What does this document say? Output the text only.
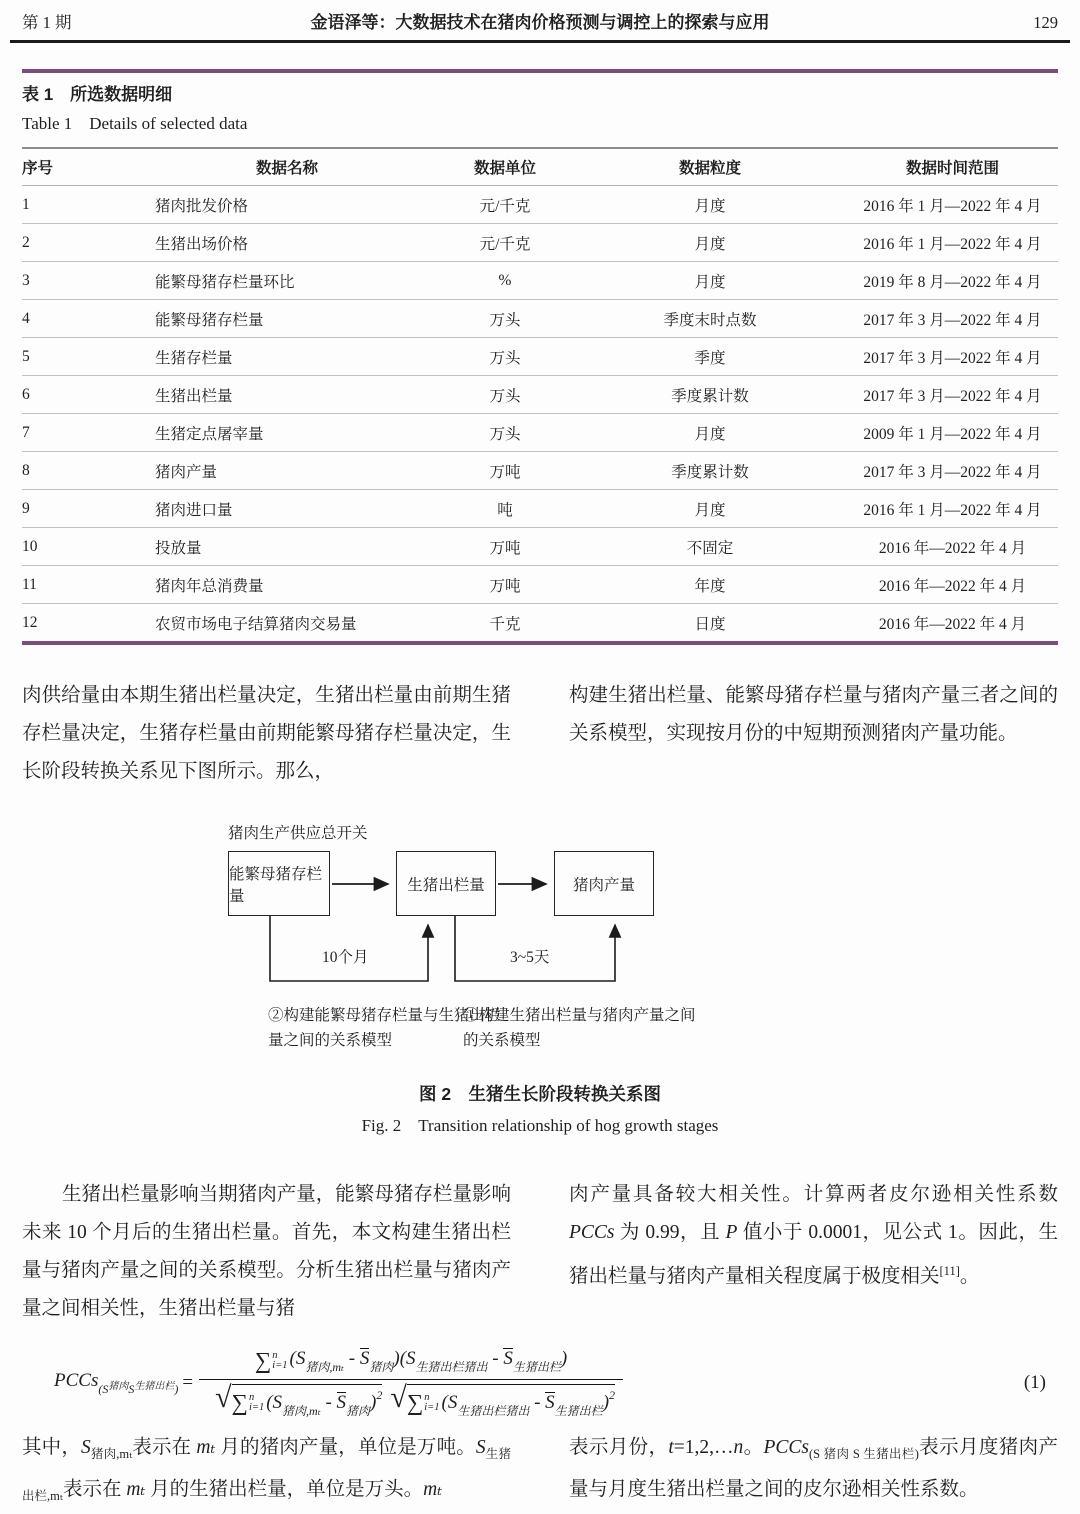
第 1 期	金语泽等：大数据技术在猪肉价格预测与调控上的探索与应用	129
表 1　所选数据明细
Table 1　Details of selected data
序号	数据名称	数据单位	数据粒度	数据时间范围
1	猪肉批发价格	元/千克	月度	2016 年 1 月—2022 年 4 月
2	生猪出场价格	元/千克	月度	2016 年 1 月—2022 年 4 月
3	能繁母猪存栏量环比	%	月度	2019 年 8 月—2022 年 4 月
4	能繁母猪存栏量	万头	季度末时点数	2017 年 3 月—2022 年 4 月
5	生猪存栏量	万头	季度	2017 年 3 月—2022 年 4 月
6	生猪出栏量	万头	季度累计数	2017 年 3 月—2022 年 4 月
7	生猪定点屠宰量	万头	月度	2009 年 1 月—2022 年 4 月
8	猪肉产量	万吨	季度累计数	2017 年 3 月—2022 年 4 月
9	猪肉进口量	吨	月度	2016 年 1 月—2022 年 4 月
10	投放量	万吨	不固定	2016 年—2022 年 4 月
11	猪肉年总消费量	万吨	年度	2016 年—2022 年 4 月
12	农贸市场电子结算猪肉交易量	千克	日度	2016 年—2022 年 4 月
肉供给量由本期生猪出栏量决定，生猪出栏量由前期生猪存栏量决定，生猪存栏量由前期能繁母猪存栏量决定，生长阶段转换关系见下图所示。那么，
构建生猪出栏量、能繁母猪存栏量与猪肉产量三者之间的关系模型，实现按月份的中短期预测猪肉产量功能。
猪肉生产供应总开关
能繁母猪存栏量
生猪出栏量	猪肉产量
10个月	3~5天
②构建能繁母猪存栏量与生猪出栏量之间的关系模型
①构建生猪出栏量与猪肉产量之间的关系模型
图 2　生猪生长阶段转换关系图
Fig. 2　Transition relationship of hog growth stages
生猪出栏量影响当期猪肉产量，能繁母猪存栏量影响未来 10 个月后的生猪出栏量。首先，本文构建生猪出栏量与猪肉产量之间的关系模型。分析生猪出栏量与猪肉产量之间相关性，生猪出栏量与猪
肉产量具备较大相关性。计算两者皮尔逊相关性系数 PCCs 为 0.99，且 P 值小于 0.0001，见公式 1。因此，生猪出栏量与猪肉产量相关程度属于极度相关[11]。
PCCs$_{(S}$猪肉$_S$生猪出栏$_)$ = ∑ n
i=1 $(S_{猪肉,m_t} - S_{猪肉})(S_{生猪出栏猪出} - S_{生猪出栏})$
√ ∑ n
i=1 $(S_{猪肉,m_t} - S_{猪肉})^2$ √ ∑ n
i=1 $(S_{生猪出栏猪出} - S_{生猪出栏})^2$	(1)
其中，$S_{猪肉,m_t}$表示在 mₜ 月的猪肉产量，单位是万吨。$S_{生猪出栏,m_t}$表示在 mₜ 月的生猪出栏量，单位是万头。mₜ
表示月份，t=1,2,…n。PCCs$_{(S 猪肉 S 生猪出栏)}$表示月度猪肉产量与月度生猪出栏量之间的皮尔逊相关性系数。
